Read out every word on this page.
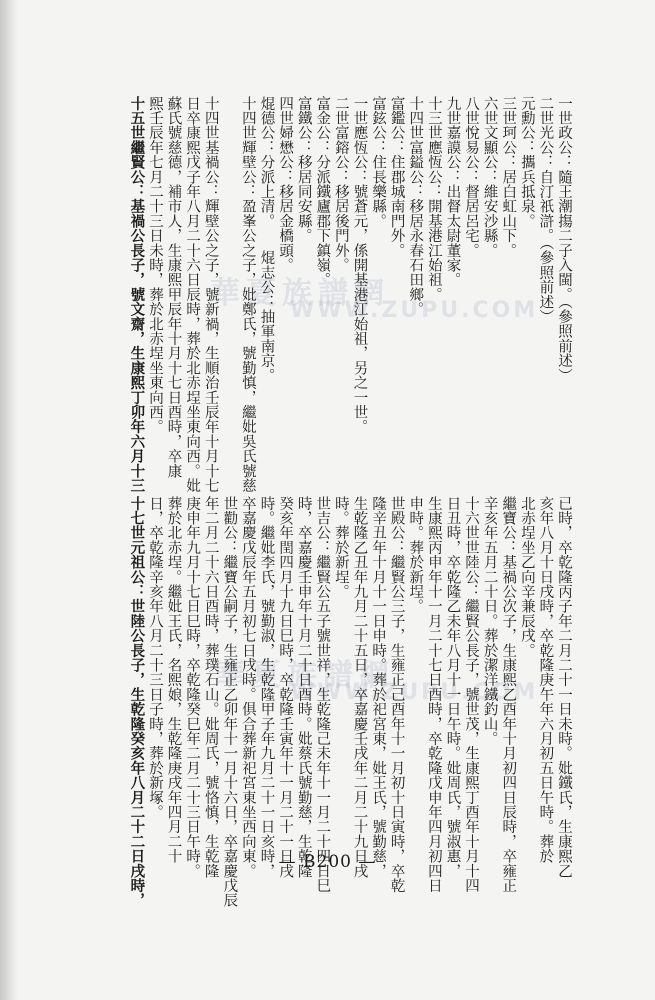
華夏族譜網
WWW.ZUPU.COM
華夏族譜網
WWW.ZUPU.COM
一世政公：隨王潮摥二子入閩。（參照前述）
二世光公：自汀祇滸。（參照前述）
元勳公：攜兵抵泉。
三世珂公：居白虹山下。
六世文顯公：維安沙縣。
八世悅易公：督居呂宅。
九世嘉謨公：出督太尉董家。
十三世應恆公：開基港江始祖。
十四世富鎰公：移居永春石田鄉。
富鑑公：住郡城南門外。
富鉉公：住長樂縣。
一世應恆公：號蒼元，係開基港江始祖，另之一世。
二世富鎔公：移居後門外。
富金公：分派鐵廬郡下鎮嶺。
富鐵公：移居同安縣。
四世婦懋公：移居金橋頭。
焜德公：分派上清。　　焜志公：抽軍南京。
十四世輝壁公：盈峯公之子，妣鄭氏，號勤慎，繼妣吳氏號慈
十四世基禍公：輝壁公之子，號新禍，生順治壬辰年十月十七
日卒康熙戊子年八月二十六日辰時，葬於北赤埕坐東向西。妣
蘇氏號慈德，補市人，生康熙甲辰年十月十七日酉時，卒康
熙壬辰年七月二十三日未時，葬於北赤埕坐東向西。
十五世繼賢公：基禍公長子，號文齋，生康熙丁卯年六月十三
已時，卒乾隆丙子年二月二十一日未時。妣鐵氏，生康熙乙
亥年八月十日戌時，卒乾隆庚午年六月初五日午時。葬於
北赤埕坐乙向辛兼辰戌。
繼寶公：基禍公次子，生康熙乙酉年十月初四日辰時，卒雍正
辛亥年五月二十日。葬於潔洋鐵釣山。
十六世世陸公：繼賢公長子，號世茂，生康熙丁酉年十月十四
日丑時，卒乾隆乙未年八月十一日午時。妣周氏，號淑惠，
生康熙丙申年十一月二十七日酉時，卒乾隆戊申年四月初四日
申時。葬於新埕。
世殿公：繼賢公三子，生雍正己酉年十一月初十日寅時，卒乾
隆辛丑年十月十一日申時。葬於祀宮東，妣王氏，號勤慈，
生乾隆乙丑年九月二十五日，卒嘉慶壬戌年二月二十九日戌
時。葬於新埕。
世吉公：繼賢公五子號世祥，生乾隆己未年十一月二十四日巳
時，卒嘉慶壬申年十月二十日酉時。妣蔡氏號勤慈，生乾隆
癸亥年閏四月十九日巳時，卒乾隆壬寅年十一月二十一日戌
時。繼妣李氏，號勤淑，生乾隆甲子年九月二十一日亥時，
卒嘉慶戊辰年五月初七日戌時。俱合葬新祀宮東坐西向東。
世勸公：繼寶公嗣子，生雍正乙卯年十一月十六日，卒嘉慶戊辰
年二月二十六日酉時，葬璞石山。妣周氏，號恪慎，生乾隆
庚申年九月十七日巳時，卒乾隆癸巳年二月二十三日午時。
葬於北赤埕。繼妣王氏，名熙娘，生乾隆庚戌年四月二十
日，卒乾隆辛亥年八月二十三日子時，葬於新塚。
十七世元祖公：世陸公長子，生乾隆癸亥年八月二十二日戌時，	— B200 —
